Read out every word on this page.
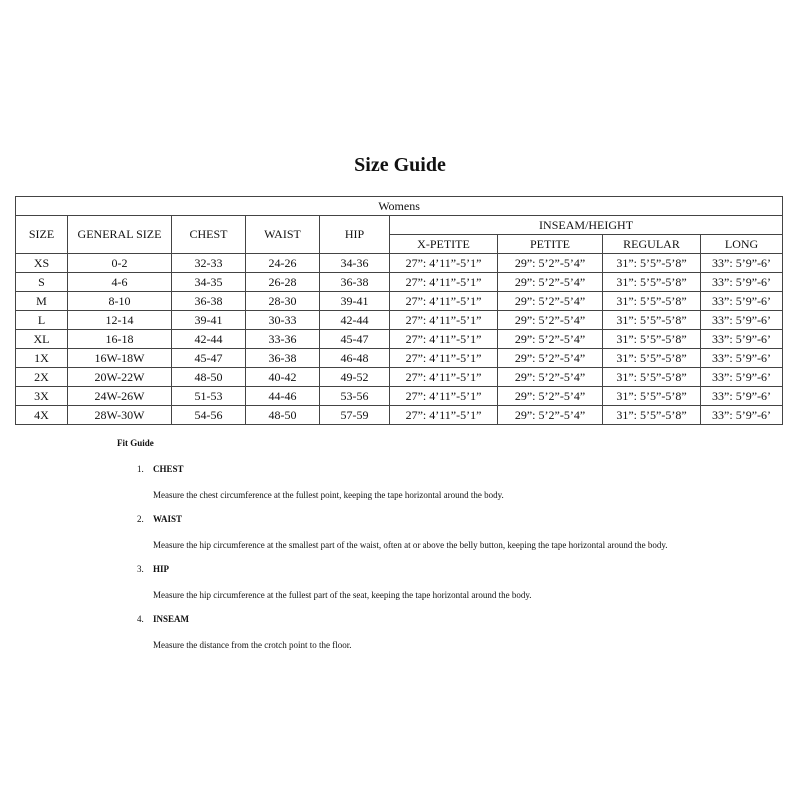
Size Guide
Womens								
SIZE	GENERAL SIZE	CHEST	WAIST	HIP	INSEAM/HEIGHT			
					X-PETITE	PETITE	REGULAR	LONG
XS	0-2	32-33	24-26	34-36	27”: 4’11”-5’1”	29”: 5’2”-5’4”	31”: 5’5”-5’8”	33”: 5’9”-6’
S	4-6	34-35	26-28	36-38	27”: 4’11”-5’1”	29”: 5’2”-5’4”	31”: 5’5”-5’8”	33”: 5’9”-6’
M	8-10	36-38	28-30	39-41	27”: 4’11”-5’1”	29”: 5’2”-5’4”	31”: 5’5”-5’8”	33”: 5’9”-6’
L	12-14	39-41	30-33	42-44	27”: 4’11”-5’1”	29”: 5’2”-5’4”	31”: 5’5”-5’8”	33”: 5’9”-6’
XL	16-18	42-44	33-36	45-47	27”: 4’11”-5’1”	29”: 5’2”-5’4”	31”: 5’5”-5’8”	33”: 5’9”-6’
1X	16W-18W	45-47	36-38	46-48	27”: 4’11”-5’1”	29”: 5’2”-5’4”	31”: 5’5”-5’8”	33”: 5’9”-6’
2X	20W-22W	48-50	40-42	49-52	27”: 4’11”-5’1”	29”: 5’2”-5’4”	31”: 5’5”-5’8”	33”: 5’9”-6’
3X	24W-26W	51-53	44-46	53-56	27”: 4’11”-5’1”	29”: 5’2”-5’4”	31”: 5’5”-5’8”	33”: 5’9”-6’
4X	28W-30W	54-56	48-50	57-59	27”: 4’11”-5’1”	29”: 5’2”-5’4”	31”: 5’5”-5’8”	33”: 5’9”-6’
Fit Guide
1. CHEST
Measure the chest circumference at the fullest point, keeping the tape horizontal around the body.
2. WAIST
Measure the hip circumference at the smallest part of the waist, often at or above the belly button, keeping the tape horizontal around the body.
3. HIP
Measure the hip circumference at the fullest part of the seat, keeping the tape horizontal around the body.
4. INSEAM
Measure the distance from the crotch point to the floor.
